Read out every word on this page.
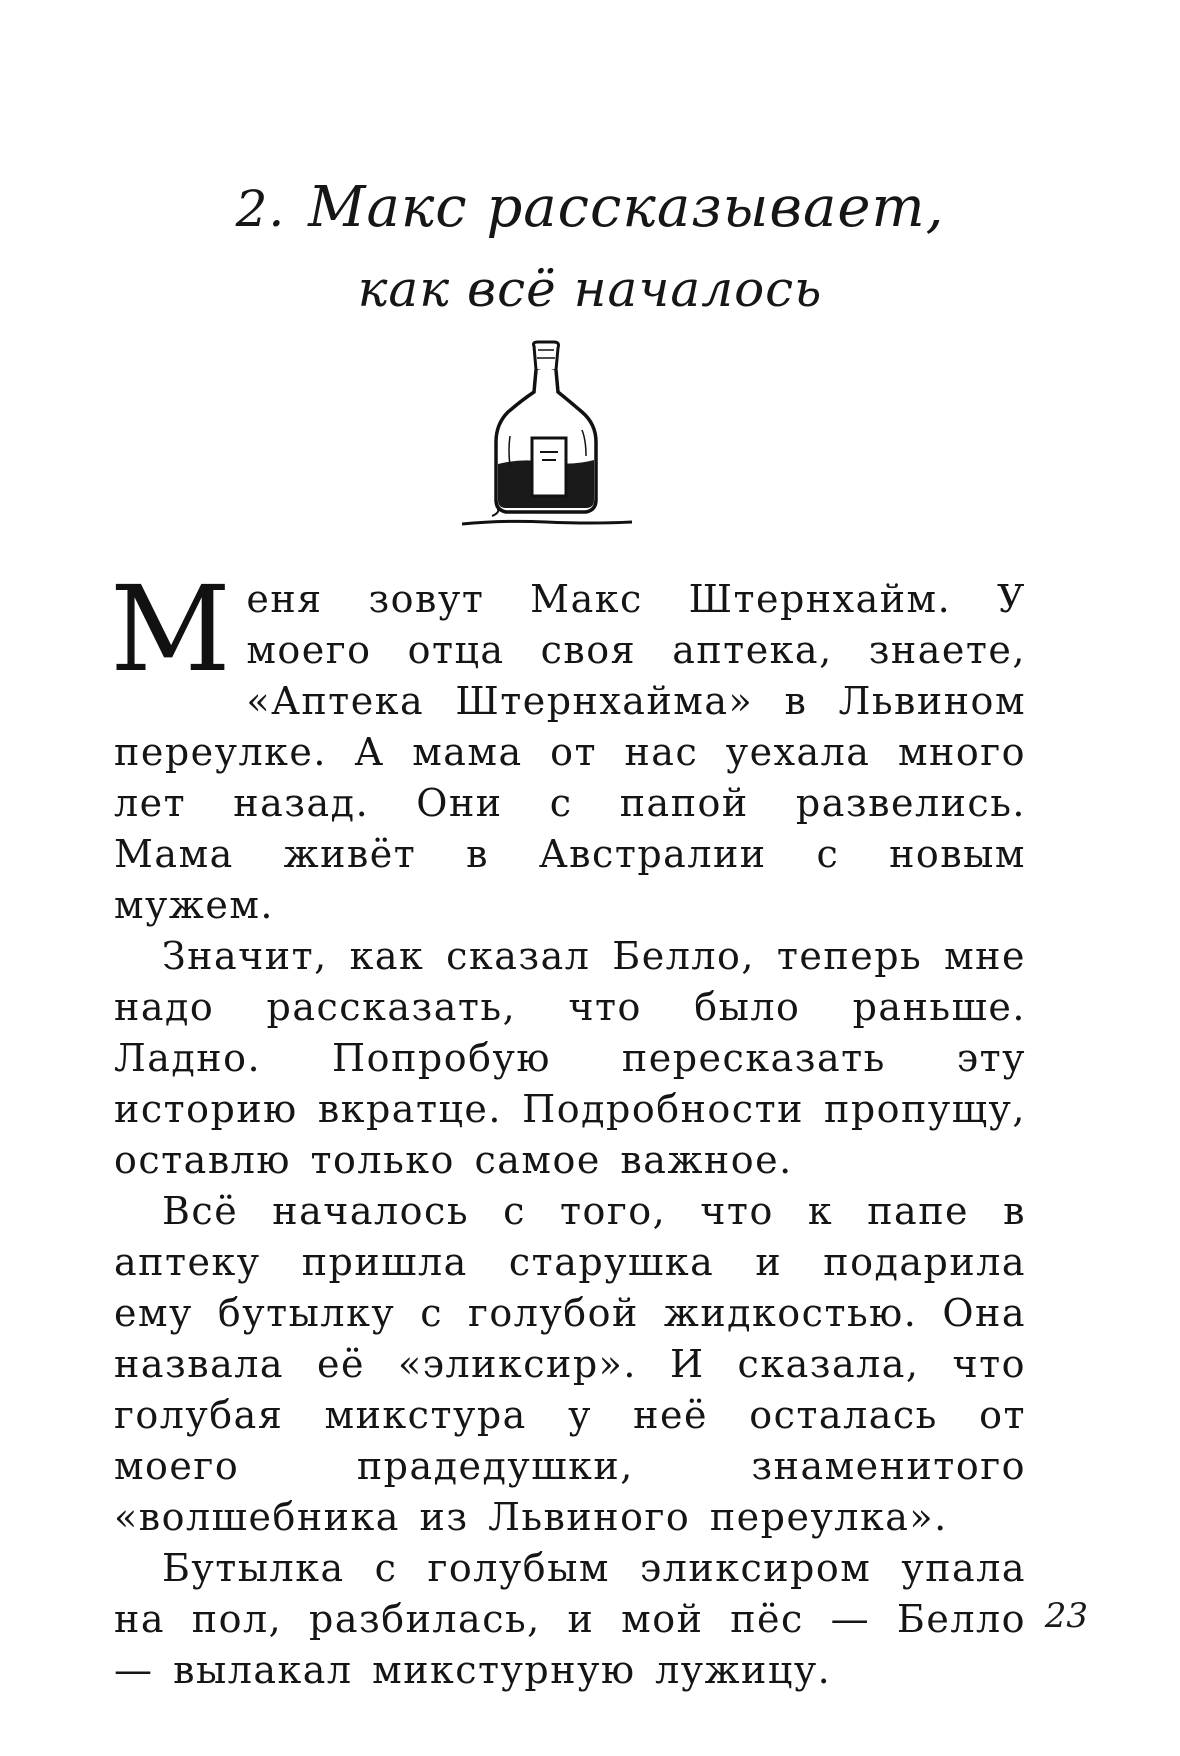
2. Макс рассказывает,
как всё началось

Меня зовут Макс Штернхайм. У моего отца своя аптека, знаете, «Аптека Штернхайма» в Львином переулке. А мама от нас уехала много лет назад. Они с папой развелись. Мама живёт в Австралии с новым мужем.

Значит, как сказал Белло, теперь мне надо рассказать, что было раньше. Ладно. Попробую пересказать эту историю вкратце. Подробности пропущу, оставлю только самое важное.

Всё началось с того, что к папе в аптеку пришла старушка и подарила ему бутылку с голубой жидкостью. Она назвала её «эликсир». И сказала, что голубая микстура у неё осталась от моего прадедушки, знаменитого «волшебника из Львиного переулка».

Бутылка с голубым эликсиром упала на пол, разбилась, и мой пёс — Белло — вылакал микстурную лужицу.

23
